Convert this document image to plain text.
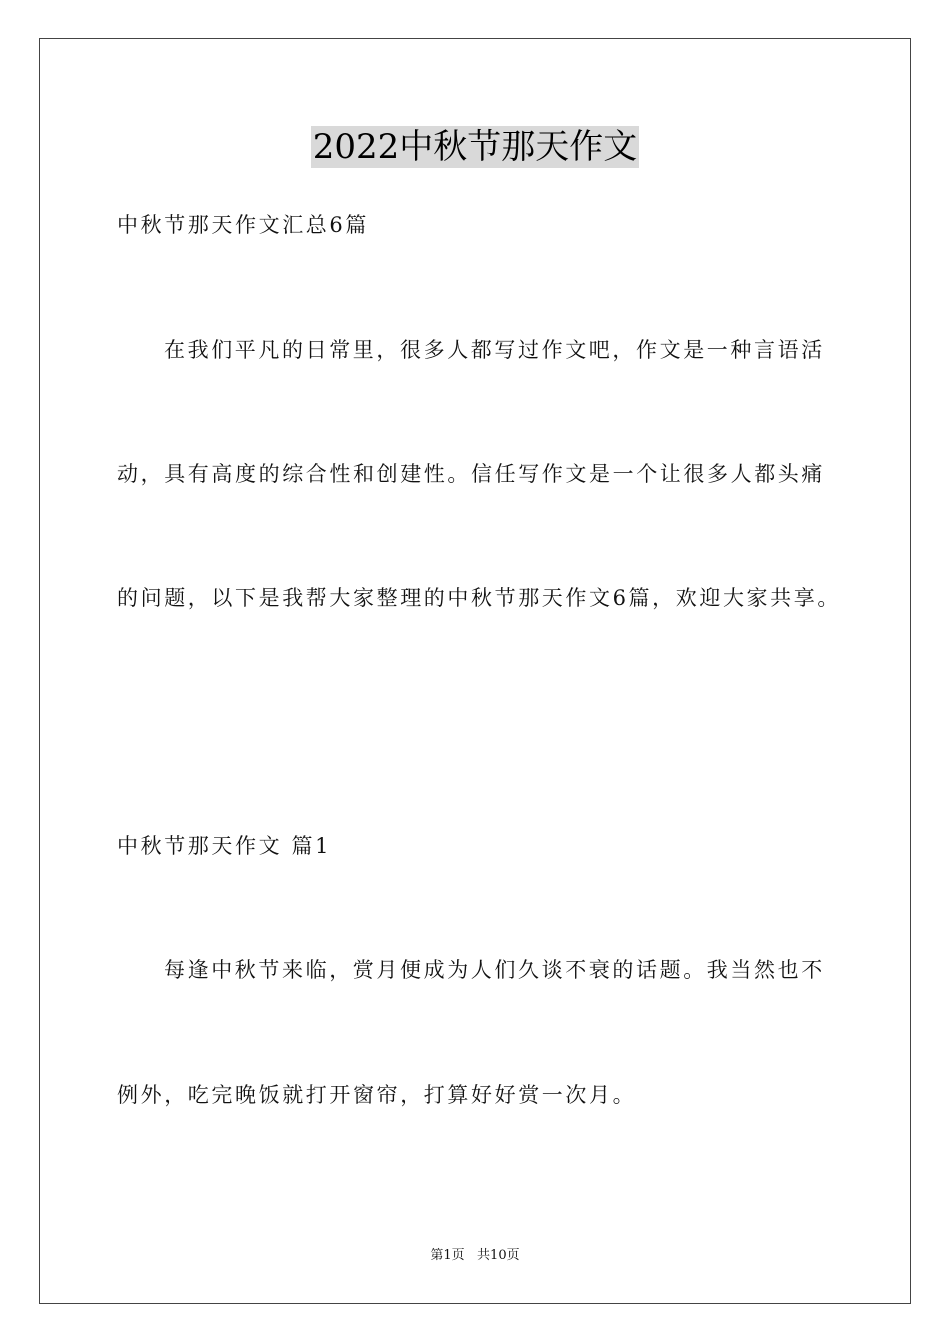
2022中秋节那天作文
中秋节那天作文汇总6篇
在我们平凡的日常里，很多人都写过作文吧，作文是一种言语活
动，具有高度的综合性和创建性。信任写作文是一个让很多人都头痛
的问题，以下是我帮大家整理的中秋节那天作文6篇，欢迎大家共享。
中秋节那天作文 篇1
每逢中秋节来临，赏月便成为人们久谈不衰的话题。我当然也不
例外，吃完晚饭就打开窗帘，打算好好赏一次月。
第1页   共10页
